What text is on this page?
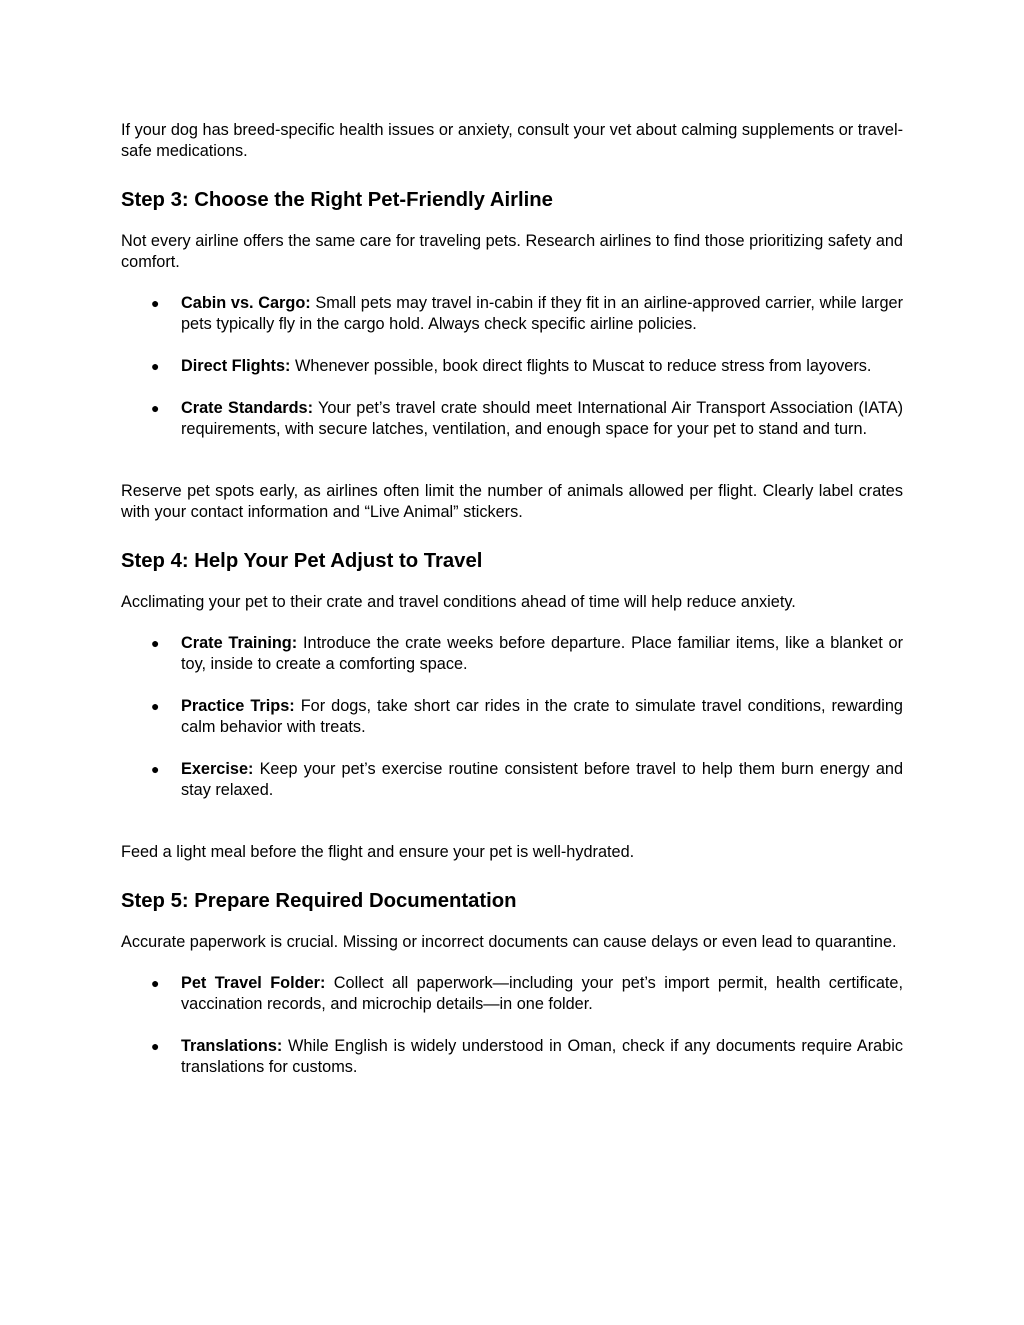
If your dog has breed-specific health issues or anxiety, consult your vet about calming supplements or travel-safe medications.

Step 3: Choose the Right Pet-Friendly Airline

Not every airline offers the same care for traveling pets. Research airlines to find those prioritizing safety and comfort.

● Cabin vs. Cargo: Small pets may travel in-cabin if they fit in an airline-approved carrier, while larger pets typically fly in the cargo hold. Always check specific airline policies.
● Direct Flights: Whenever possible, book direct flights to Muscat to reduce stress from layovers.
● Crate Standards: Your pet’s travel crate should meet International Air Transport Association (IATA) requirements, with secure latches, ventilation, and enough space for your pet to stand and turn.

Reserve pet spots early, as airlines often limit the number of animals allowed per flight. Clearly label crates with your contact information and “Live Animal” stickers.

Step 4: Help Your Pet Adjust to Travel

Acclimating your pet to their crate and travel conditions ahead of time will help reduce anxiety.

● Crate Training: Introduce the crate weeks before departure. Place familiar items, like a blanket or toy, inside to create a comforting space.
● Practice Trips: For dogs, take short car rides in the crate to simulate travel conditions, rewarding calm behavior with treats.
● Exercise: Keep your pet’s exercise routine consistent before travel to help them burn energy and stay relaxed.

Feed a light meal before the flight and ensure your pet is well-hydrated.

Step 5: Prepare Required Documentation

Accurate paperwork is crucial. Missing or incorrect documents can cause delays or even lead to quarantine.

● Pet Travel Folder: Collect all paperwork—including your pet’s import permit, health certificate, vaccination records, and microchip details—in one folder.
● Translations: While English is widely understood in Oman, check if any documents require Arabic translations for customs.
